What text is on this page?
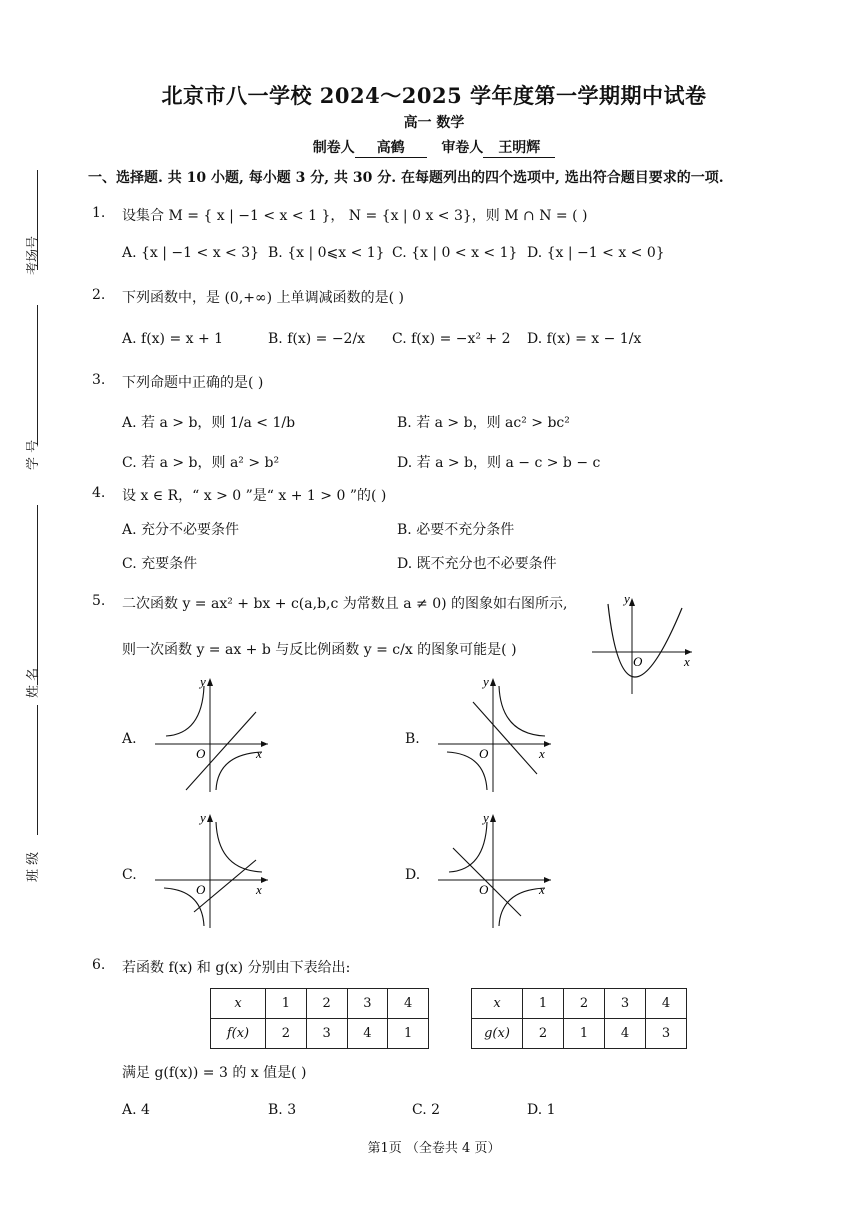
北京市八一学校 2024～2025 学年度第一学期期中试卷
高一 数学
制卷人 高鹤	审卷人 王明辉
考场号
学 号
姓 名
班 级
一、选择题. 共 10 小题, 每小题 3 分, 共 30 分. 在每题列出的四个选项中, 选出符合题目要求的一项.
1. 设集合 M = { x | −1 < x < 1 }， N = {x | 0 x < 3}，则 M ∩ N = ( )
A. {x | −1 < x < 3} B. {x | 0⩽x < 1} C. {x | 0 < x < 1} D. {x | −1 < x < 0}
2. 下列函数中，是 (0,+∞) 上单调减函数的是( )
A. f(x) = x + 1	B. f(x) = −2/x C. f(x) = −x² + 2 D. f(x) = x − 1/x
3. 下列命题中正确的是( )
A. 若 a > b，则 1/a < 1/b	B. 若 a > b，则 ac² > bc²
C. 若 a > b，则 a² > b²	D. 若 a > b，则 a − c > b − c
4. 设 x ∈ R，“ x > 0 ”是“ x + 1 > 0 ”的( )
A. 充分不必要条件	B. 必要不充分条件
C. 充要条件	D. 既不充分也不必要条件
5. 二次函数 y = ax² + bx + c(a,b,c 为常数且 a ≠ 0) 的图象如右图所示,
则一次函数 y = ax + b 与反比例函数 y = c/x 的图象可能是( )
y
x
O
A.
y
x
O
B.
y
x
O
C.
y
x
O
D.
y
x
O
6. 若函数 f(x) 和 g(x) 分别由下表给出:
x	1	2	3	4
f(x)	2	3	4	1
x	1	2	3	4
g(x)	2	1	4	3
满足 g(f(x)) = 3 的 x 值是( )
A. 4	B. 3	C. 2	D. 1
第1页 （全卷共 4 页）
